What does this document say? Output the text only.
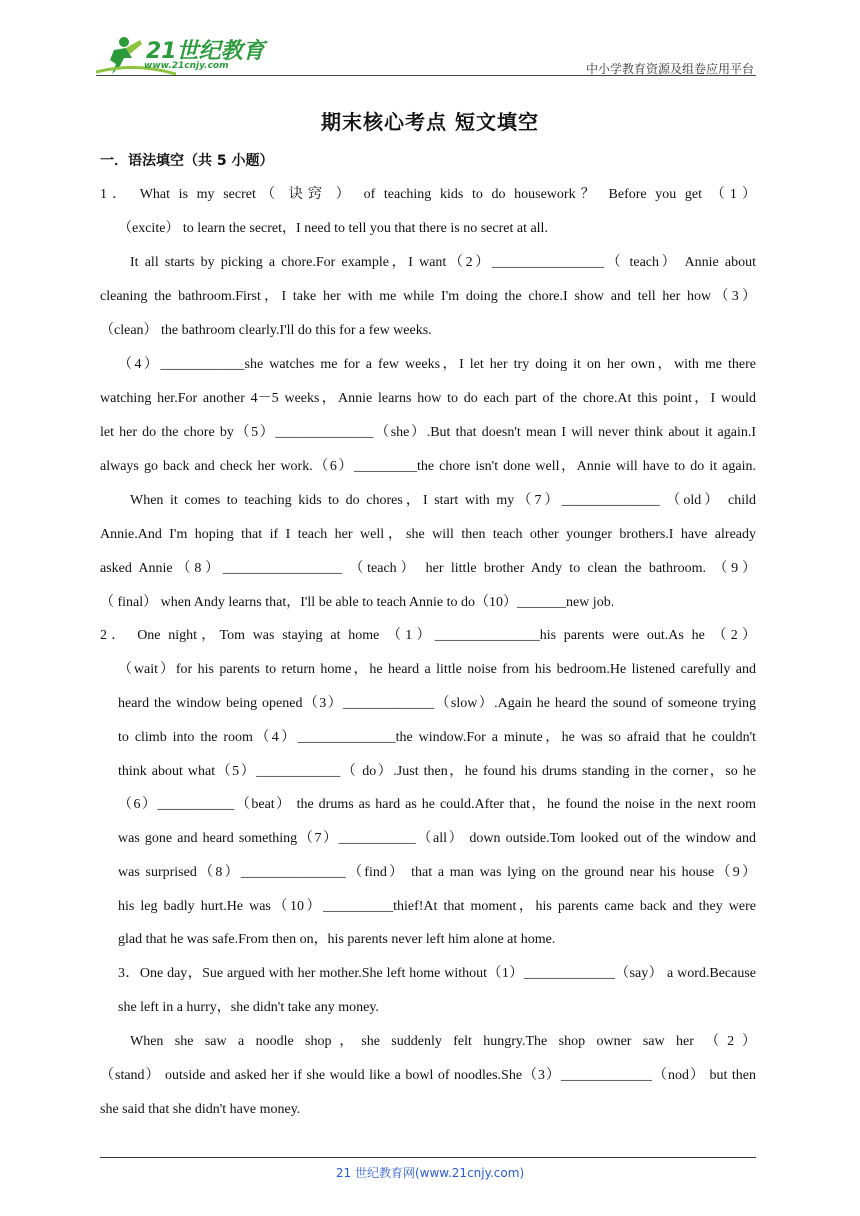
21世纪教育
www.21cnjy.com	中小学教育资源及组卷应用平台
期末核心考点 短文填空
一．语法填空（共 5 小题）
1． What is my secret（ 诀窍 ） of teaching kids to do housework？ Before you get （1）
（excite） to learn the secret，I need to tell you that there is no secret at all.
It all starts by picking a chore.For example，I want（2）________________（ teach） Annie about
cleaning the bathroom.First，I take her with me while I'm doing the chore.I show and tell her how（3）
（clean） the bathroom clearly.I'll do this for a few weeks.
（4）____________she watches me for a few weeks，I let her try doing it on her own，with me there
watching her.For another 4－5 weeks，Annie learns how to do each part of the chore.At this point，I would
let her do the chore by（5）______________（she）.But that doesn't mean I will never think about it again.I
always go back and check her work.（6）_________the chore isn't done well，Annie will have to do it again.
When it comes to teaching kids to do chores，I start with my（7）______________ （old） child
Annie.And I'm hoping that if I teach her well，she will then teach other younger brothers.I have already
asked Annie（8）_________________ （teach） her little brother Andy to clean the bathroom. （9）
（ final） when Andy learns that，I'll be able to teach Annie to do（10）_______new job.
2． One night，Tom was staying at home （1）_______________his parents were out.As he （2）
（wait）for his parents to return home，he heard a little noise from his bedroom.He listened carefully and
heard the window being opened（3）_____________（slow）.Again he heard the sound of someone trying
to climb into the room（4）______________the window.For a minute，he was so afraid that he couldn't
think about what（5）____________（ do）.Just then，he found his drums standing in the corner，so he
（6）___________（beat） the drums as hard as he could.After that，he found the noise in the next room
was gone and heard something（7）___________（all） down outside.Tom looked out of the window and
was surprised（8）_______________（find） that a man was lying on the ground near his house（9）
his leg badly hurt.He was（10）__________thief!At that moment，his parents came back and they were
glad that he was safe.From then on，his parents never left him alone at home.
3．One day，Sue argued with her mother.She left home without（1）_____________（say） a word.Because
she left in a hurry，she didn't take any money.
When she saw a noodle shop，she suddenly felt hungry.The shop owner saw her （2）
（stand） outside and asked her if she would like a bowl of noodles.She（3）_____________（nod） but then
she said that she didn't have money.
21 世纪教育网(www.21cnjy.com)
